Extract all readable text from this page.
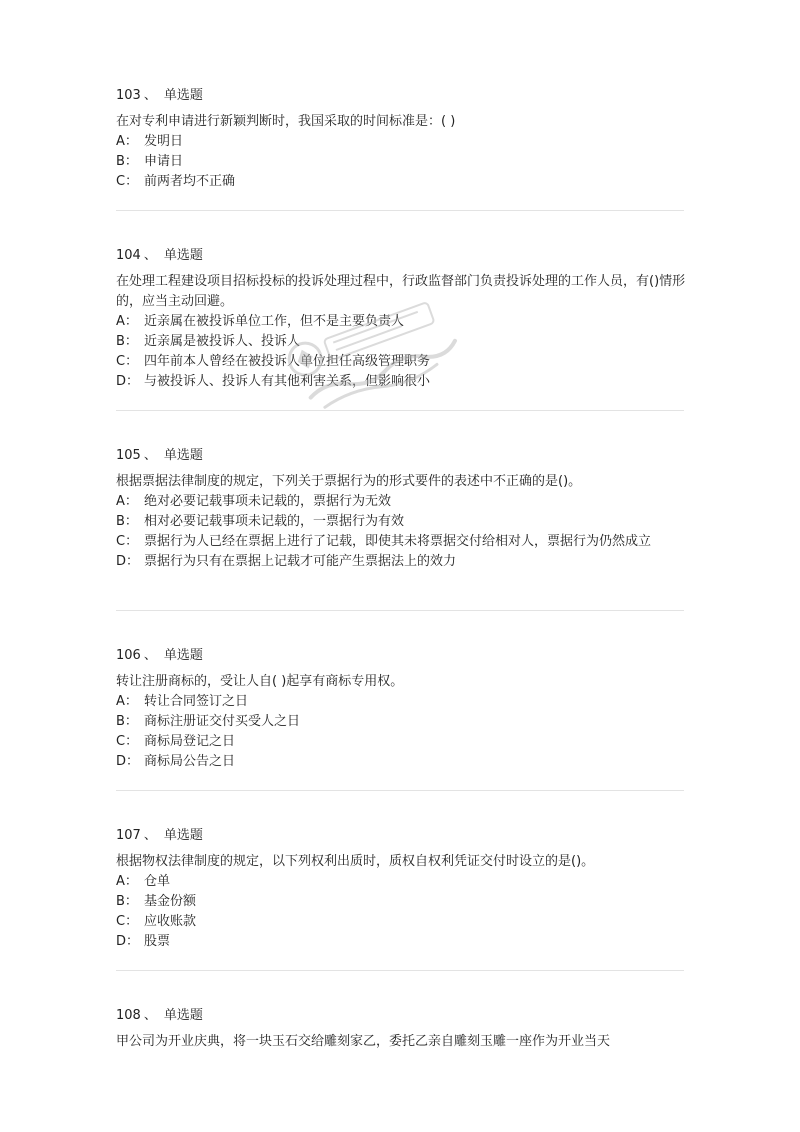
103 、 单选题
在对专利申请进行新颖判断时，我国采取的时间标准是：( )
A： 发明日
B： 申请日
C： 前两者均不正确
104 、 单选题
在处理工程建设项目招标投标的投诉处理过程中，行政监督部门负责投诉处理的工作人员，有()情形的，应当主动回避。
A： 近亲属在被投诉单位工作，但不是主要负责人
B： 近亲属是被投诉人、投诉人
C： 四年前本人曾经在被投诉人单位担任高级管理职务
D： 与被投诉人、投诉人有其他利害关系，但影响很小
105 、 单选题
根据票据法律制度的规定，下列关于票据行为的形式要件的表述中不正确的是()。
A： 绝对必要记载事项未记载的，票据行为无效
B： 相对必要记载事项未记载的，一票据行为有效
C： 票据行为人已经在票据上进行了记载，即使其未将票据交付给相对人，票据行为仍然成立
D： 票据行为只有在票据上记载才可能产生票据法上的效力
106 、 单选题
转让注册商标的，受让人自( )起享有商标专用权。
A： 转让合同签订之日
B： 商标注册证交付买受人之日
C： 商标局登记之日
D： 商标局公告之日
107 、 单选题
根据物权法律制度的规定，以下列权利出质时，质权自权利凭证交付时设立的是()。
A： 仓单
B： 基金份额
C： 应收账款
D： 股票
108 、 单选题
甲公司为开业庆典，将一块玉石交给雕刻家乙，委托乙亲自雕刻玉雕一座作为开业当天
